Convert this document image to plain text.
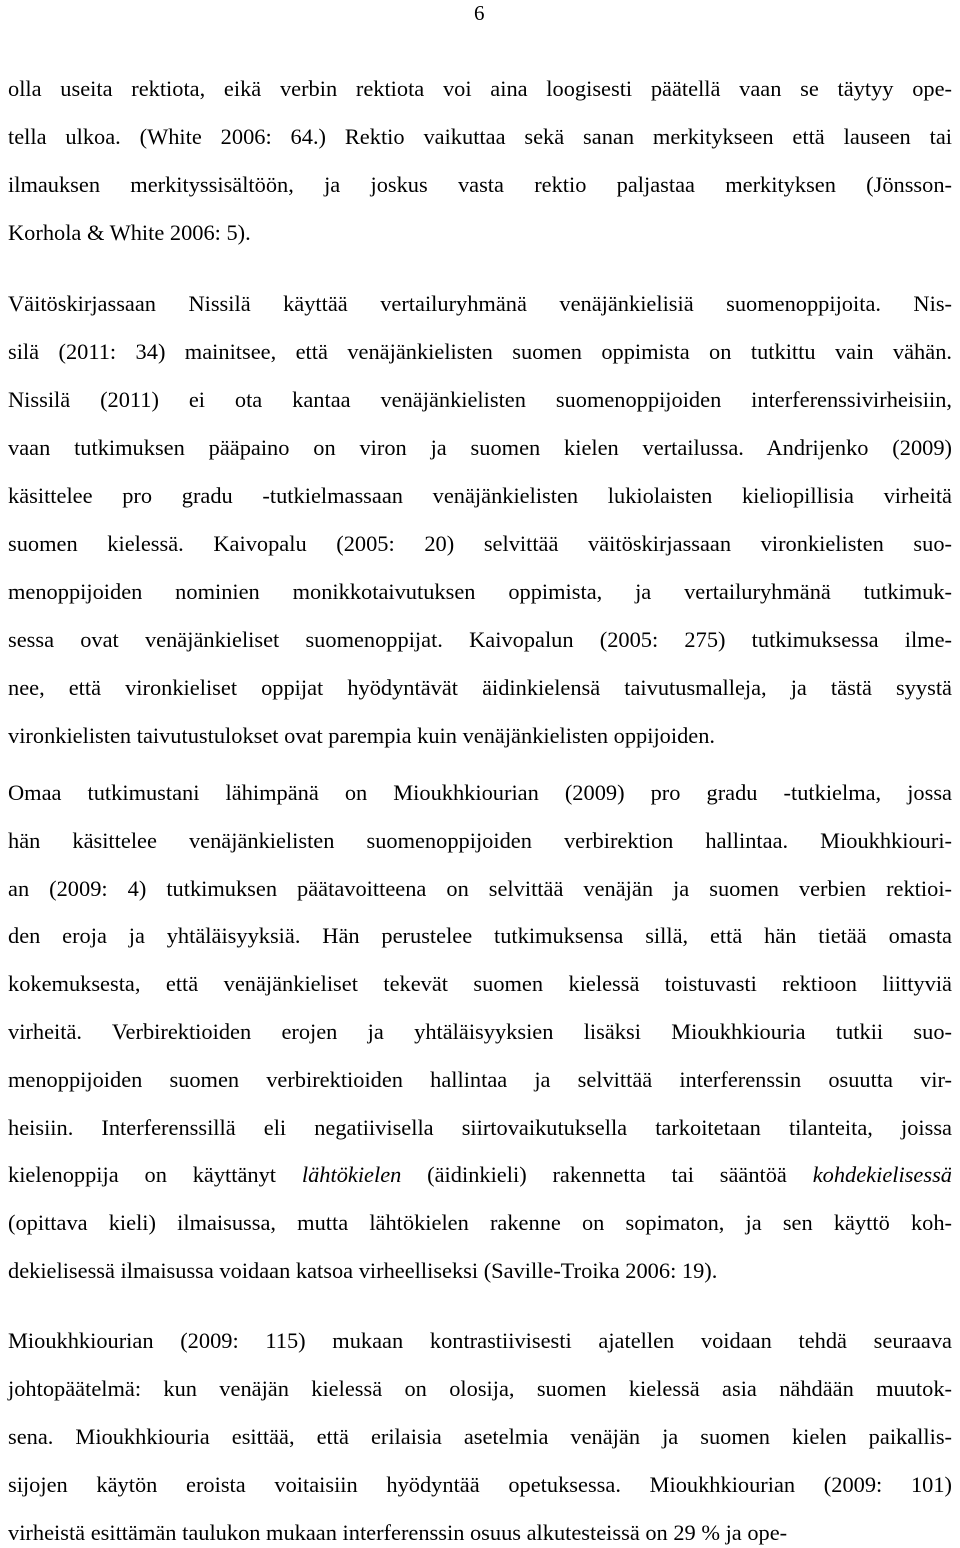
6
olla useita rektiota, eikä verbin rektiota voi aina loogisesti päätellä vaan se täytyy ope-
tella ulkoa. (White 2006: 64.) Rektio vaikuttaa sekä sanan merkitykseen että lauseen tai
ilmauksen merkityssisältöön, ja joskus vasta rektio paljastaa merkityksen (Jönsson-
Korhola & White 2006: 5).
Väitöskirjassaan Nissilä käyttää vertailuryhmänä venäjänkielisiä suomenoppijoita. Nis-
silä (2011: 34) mainitsee, että venäjänkielisten suomen oppimista on tutkittu vain vähän.
Nissilä (2011) ei ota kantaa venäjänkielisten suomenoppijoiden interferenssivirheisiin,
vaan tutkimuksen pääpaino on viron ja suomen kielen vertailussa. Andrijenko (2009)
käsittelee pro gradu -tutkielmassaan venäjänkielisten lukiolaisten kieliopillisia virheitä
suomen kielessä. Kaivopalu (2005: 20) selvittää väitöskirjassaan vironkielisten suo-
menoppijoiden nominien monikkotaivutuksen oppimista, ja vertailuryhmänä tutkimuk-
sessa ovat venäjänkieliset suomenoppijat. Kaivopalun (2005: 275) tutkimuksessa ilme-
nee, että vironkieliset oppijat hyödyntävät äidinkielensä taivutusmalleja, ja tästä syystä
vironkielisten taivutustulokset ovat parempia kuin venäjänkielisten oppijoiden.
Omaa tutkimustani lähimpänä on Mioukhkiourian (2009) pro gradu -tutkielma, jossa
hän käsittelee venäjänkielisten suomenoppijoiden verbirektion hallintaa. Mioukhkiouri-
an (2009: 4) tutkimuksen päätavoitteena on selvittää venäjän ja suomen verbien rektioi-
den eroja ja yhtäläisyyksiä. Hän perustelee tutkimuksensa sillä, että hän tietää omasta
kokemuksesta, että venäjänkieliset tekevät suomen kielessä toistuvasti rektioon liittyviä
virheitä. Verbirektioiden erojen ja yhtäläisyyksien lisäksi Mioukhkiouria tutkii suo-
menoppijoiden suomen verbirektioiden hallintaa ja selvittää interferenssin osuutta vir-
heisiin. Interferenssillä eli negatiivisella siirtovaikutuksella tarkoitetaan tilanteita, joissa
kielenoppija on käyttänyt lähtökielen (äidinkieli) rakennetta tai sääntöä kohdekielisessä
(opittava kieli) ilmaisussa, mutta lähtökielen rakenne on sopimaton, ja sen käyttö koh-
dekielisessä ilmaisussa voidaan katsoa virheelliseksi (Saville-Troika 2006: 19).
Mioukhkiourian (2009: 115) mukaan kontrastiivisesti ajatellen voidaan tehdä seuraava
johtopäätelmä: kun venäjän kielessä on olosija, suomen kielessä asia nähdään muutok-
sena. Mioukhkiouria esittää, että erilaisia asetelmia venäjän ja suomen kielen paikallis-
sijojen käytön eroista voitaisiin hyödyntää opetuksessa. Mioukhkiourian (2009: 101)
virheistä esittämän taulukon mukaan interferenssin osuus alkutesteissä on 29 % ja ope-
